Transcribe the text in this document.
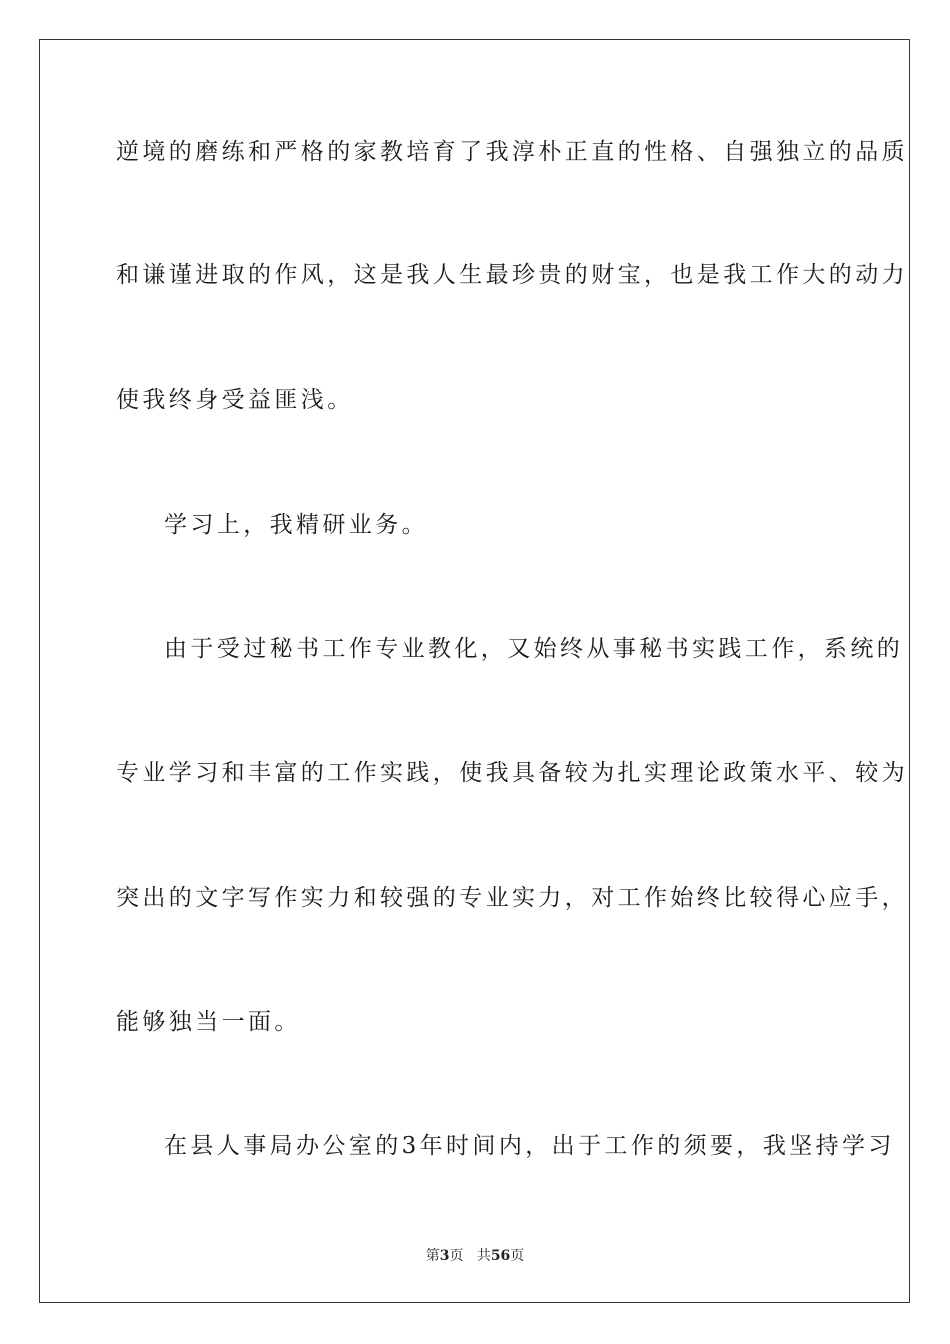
逆境的磨练和严格的家教培育了我淳朴正直的性格、自强独立的品质
和谦谨进取的作风，这是我人生最珍贵的财宝，也是我工作大的动力
使我终身受益匪浅。
学习上，我精研业务。
由于受过秘书工作专业教化，又始终从事秘书实践工作，系统的
专业学习和丰富的工作实践，使我具备较为扎实理论政策水平、较为
突出的文字写作实力和较强的专业实力，对工作始终比较得心应手，
能够独当一面。
在县人事局办公室的3年时间内，出于工作的须要，我坚持学习
第3页 共56页
